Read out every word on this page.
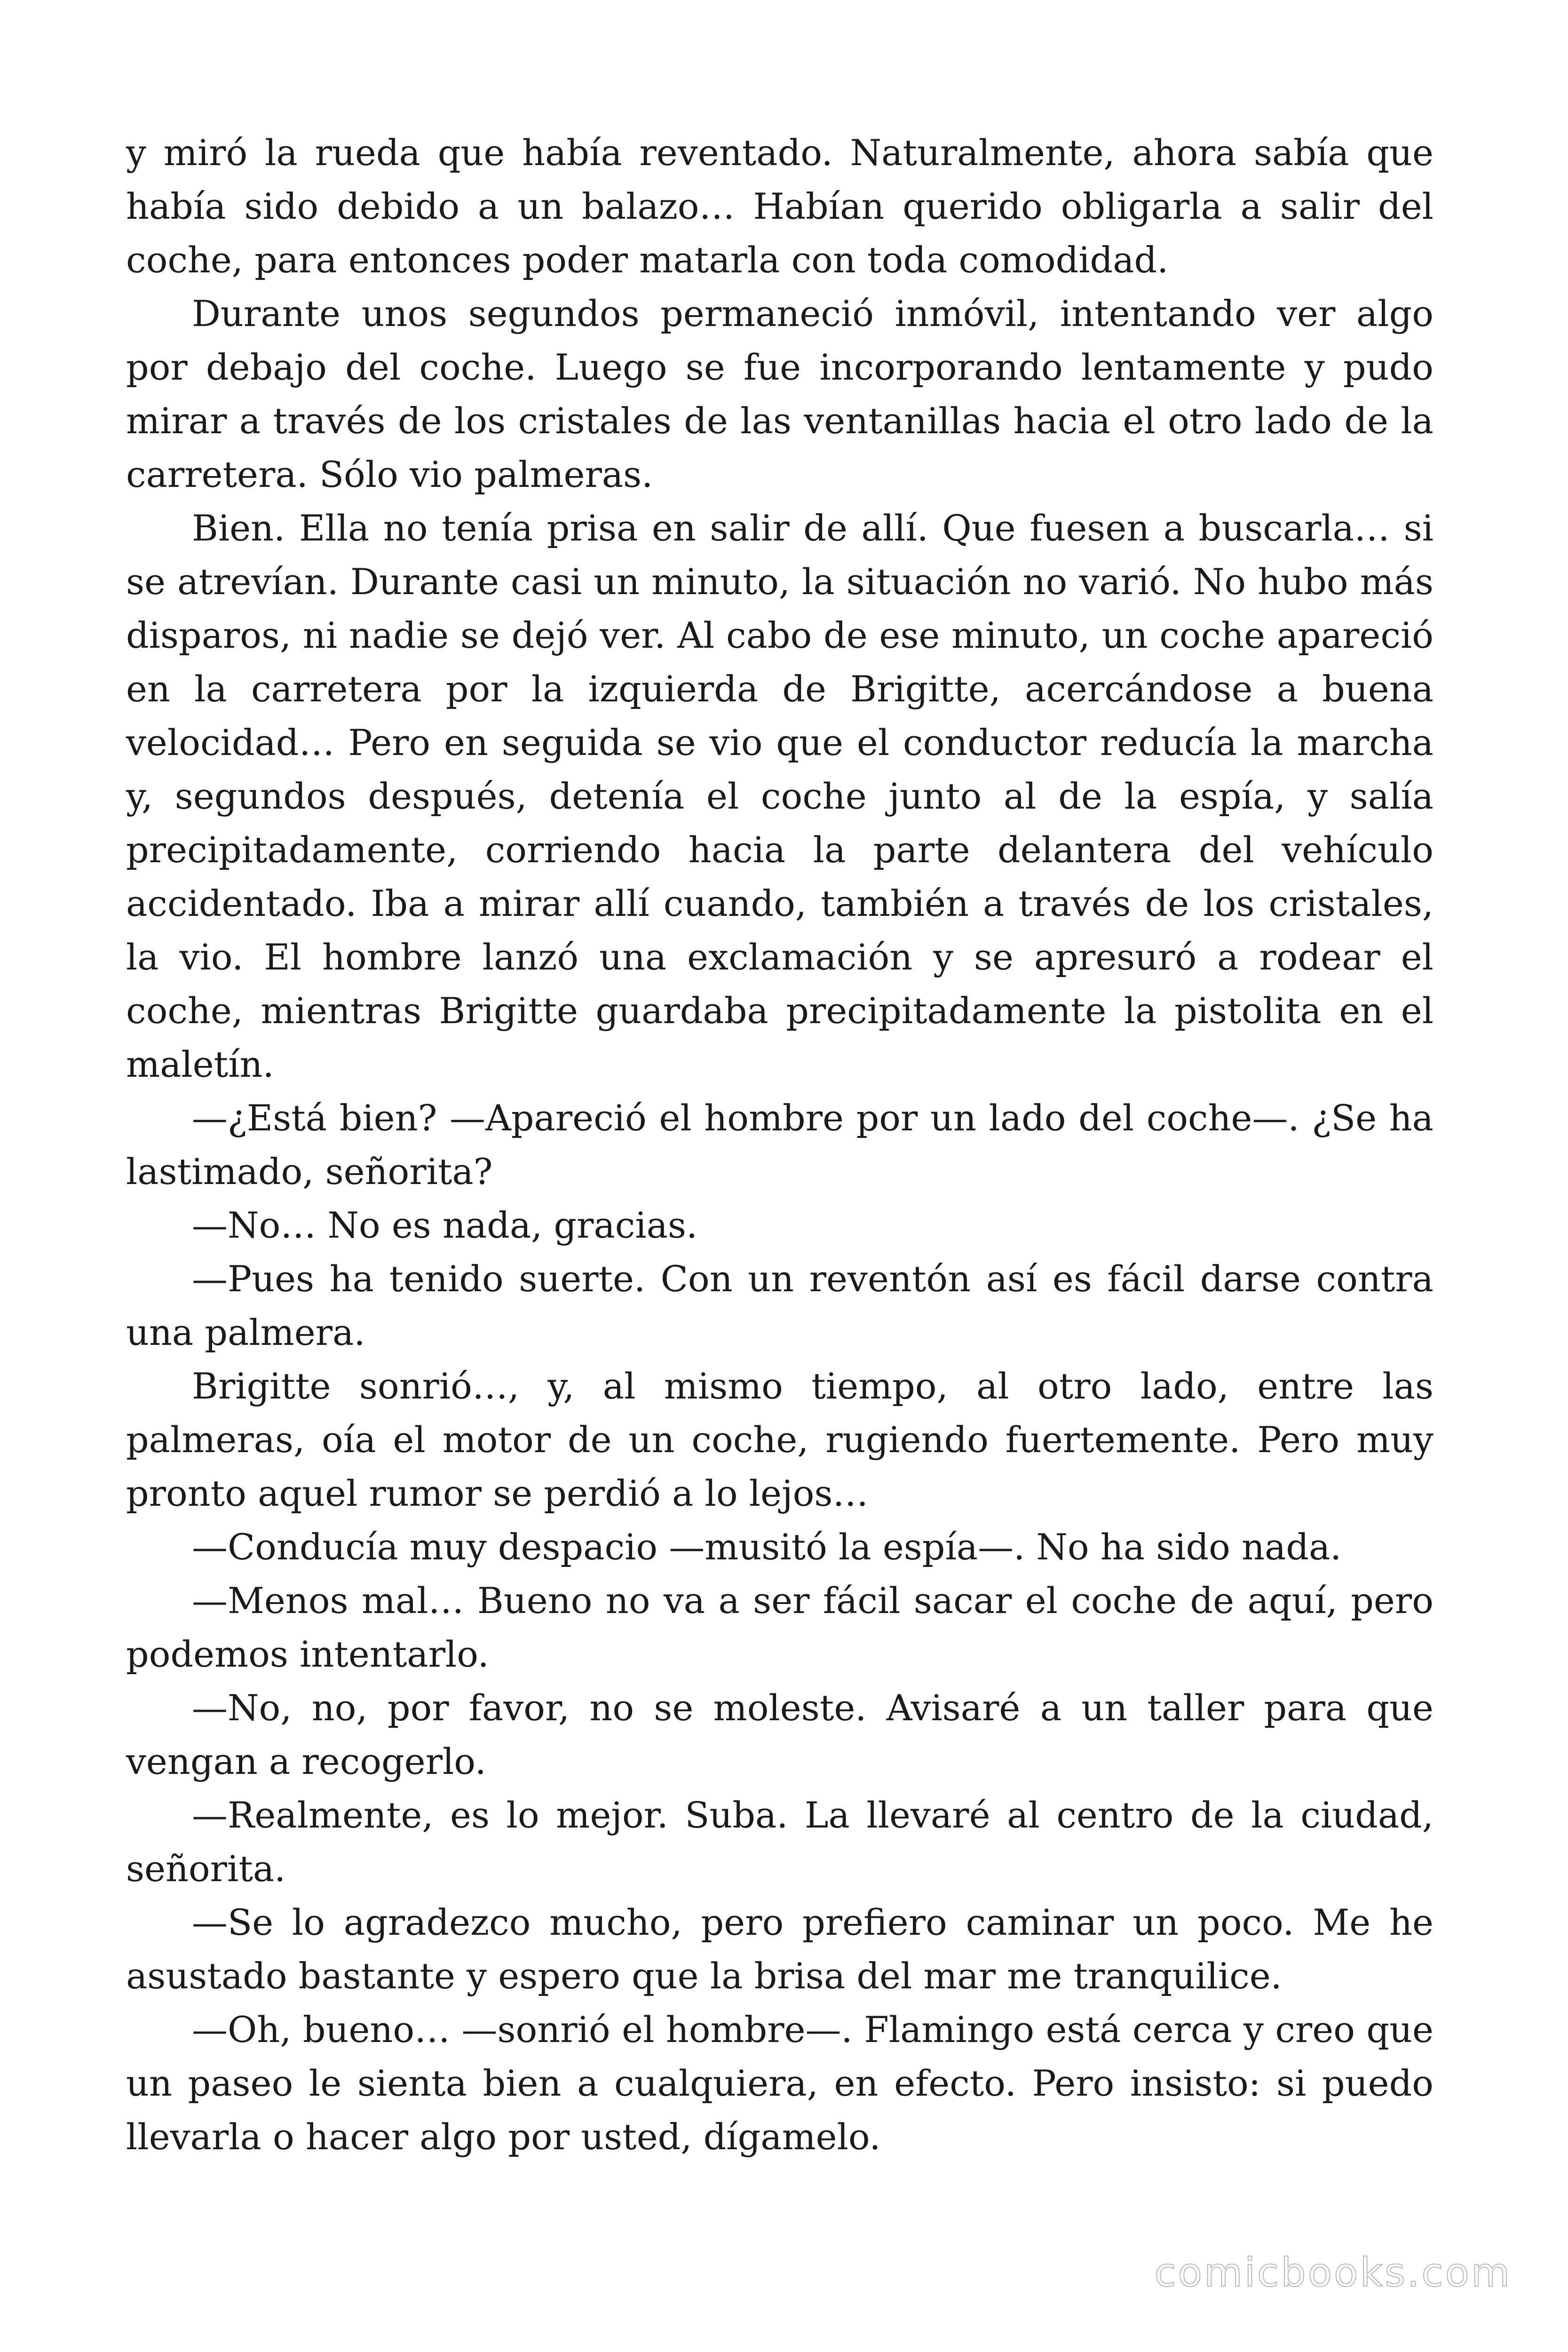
y miró la rueda que había reventado. Naturalmente, ahora sabía que había sido debido a un balazo… Habían querido obligarla a salir del coche, para entonces poder matarla con toda comodidad.

Durante unos segundos permaneció inmóvil, intentando ver algo por debajo del coche. Luego se fue incorporando lentamente y pudo mirar a través de los cristales de las ventanillas hacia el otro lado de la carretera. Sólo vio palmeras.

Bien. Ella no tenía prisa en salir de allí. Que fuesen a buscarla… si se atrevían. Durante casi un minuto, la situación no varió. No hubo más disparos, ni nadie se dejó ver. Al cabo de ese minuto, un coche apareció en la carretera por la izquierda de Brigitte, acercándose a buena velocidad… Pero en seguida se vio que el conductor reducía la marcha y, segundos después, detenía el coche junto al de la espía, y salía precipitadamente, corriendo hacia la parte delantera del vehículo accidentado. Iba a mirar allí cuando, también a través de los cristales, la vio. El hombre lanzó una exclamación y se apresuró a rodear el coche, mientras Brigitte guardaba precipitadamente la pistolita en el maletín.

—¿Está bien? —Apareció el hombre por un lado del coche—. ¿Se ha lastimado, señorita?

—No… No es nada, gracias.

—Pues ha tenido suerte. Con un reventón así es fácil darse contra una palmera.

Brigitte sonrió…, y, al mismo tiempo, al otro lado, entre las palmeras, oía el motor de un coche, rugiendo fuertemente. Pero muy pronto aquel rumor se perdió a lo lejos…

—Conducía muy despacio —musitó la espía—. No ha sido nada.

—Menos mal… Bueno no va a ser fácil sacar el coche de aquí, pero podemos intentarlo.

—No, no, por favor, no se moleste. Avisaré a un taller para que vengan a recogerlo.

—Realmente, es lo mejor. Suba. La llevaré al centro de la ciudad, señorita.

—Se lo agradezco mucho, pero prefiero caminar un poco. Me he asustado bastante y espero que la brisa del mar me tranquilice.

—Oh, bueno… —sonrió el hombre—. Flamingo está cerca y creo que un paseo le sienta bien a cualquiera, en efecto. Pero insisto: si puedo llevarla o hacer algo por usted, dígamelo.

comicbooks.com
